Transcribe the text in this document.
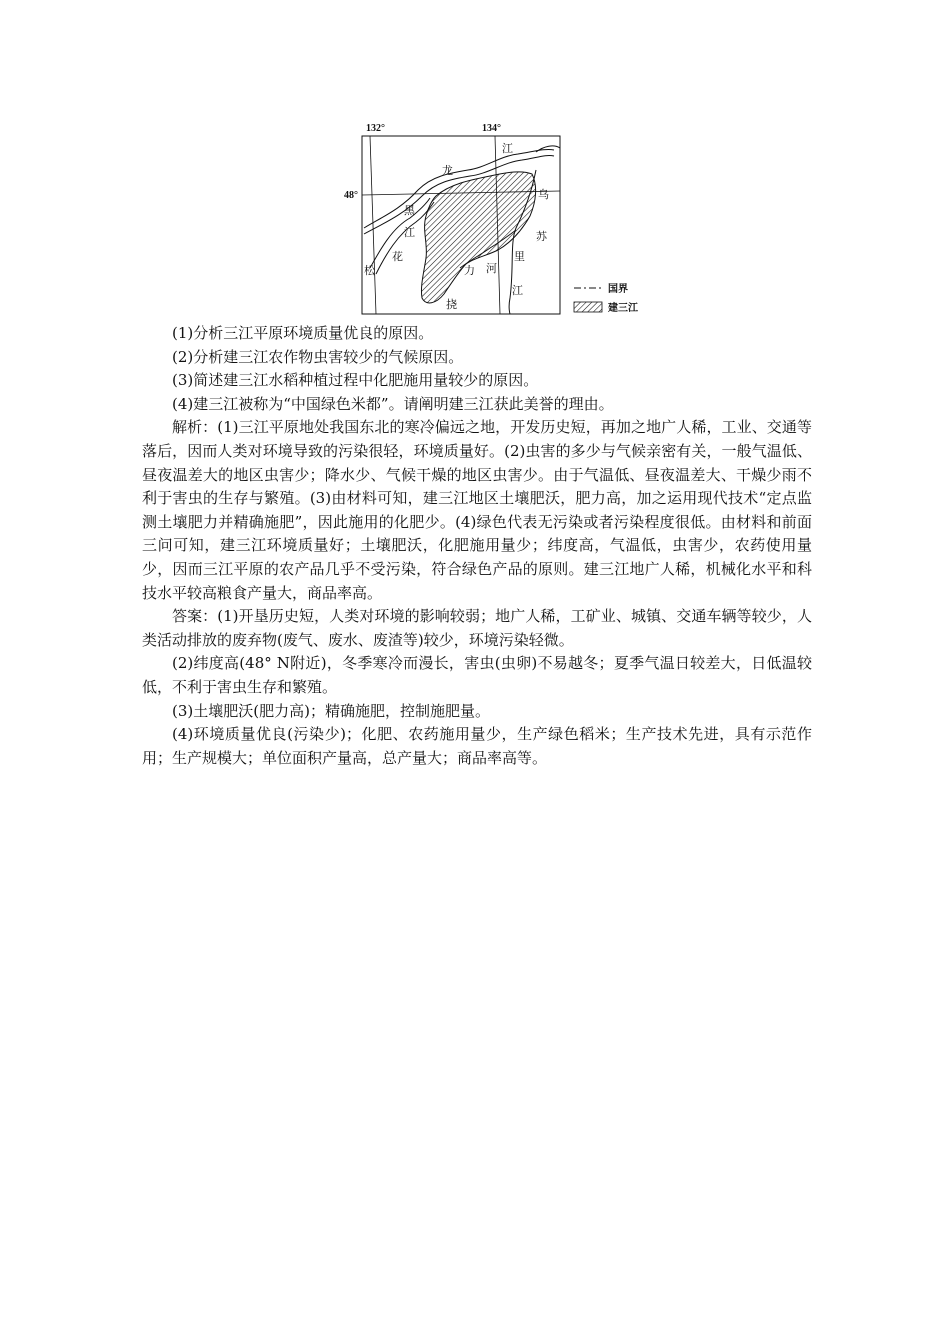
132°	134°
48°
黑
龙
江
乌
苏
里
江
松
花
江
挠
力 河
国界
建三江

(1)分析三江平原环境质量优良的原因。

(2)分析建三江农作物虫害较少的气候原因。

(3)简述建三江水稻种植过程中化肥施用量较少的原因。

(4)建三江被称为“中国绿色米都”。请阐明建三江获此美誉的理由。

解析：(1)三江平原地处我国东北的寒冷偏远之地，开发历史短，再加之地广人稀，工业、交通等落后，因而人类对环境导致的污染很轻，环境质量好。(2)虫害的多少与气候亲密有关，一般气温低、昼夜温差大的地区虫害少；降水少、气候干燥的地区虫害少。由于气温低、昼夜温差大、干燥少雨不利于害虫的生存与繁殖。(3)由材料可知，建三江地区土壤肥沃，肥力高，加之运用现代技术“定点监测土壤肥力并精确施肥”，因此施用的化肥少。(4)绿色代表无污染或者污染程度很低。由材料和前面三问可知，建三江环境质量好；土壤肥沃，化肥施用量少；纬度高，气温低，虫害少，农药使用量少，因而三江平原的农产品几乎不受污染，符合绿色产品的原则。建三江地广人稀，机械化水平和科技水平较高粮食产量大，商品率高。

答案：(1)开垦历史短，人类对环境的影响较弱；地广人稀，工矿业、城镇、交通车辆等较少，人类活动排放的废弃物(废气、废水、废渣等)较少，环境污染轻微。

(2)纬度高(48° N附近)，冬季寒冷而漫长，害虫(虫卵)不易越冬；夏季气温日较差大，日低温较低，不利于害虫生存和繁殖。

(3)土壤肥沃(肥力高)；精确施肥，控制施肥量。

(4)环境质量优良(污染少)；化肥、农药施用量少，生产绿色稻米；生产技术先进，具有示范作用；生产规模大；单位面积产量高，总产量大；商品率高等。
